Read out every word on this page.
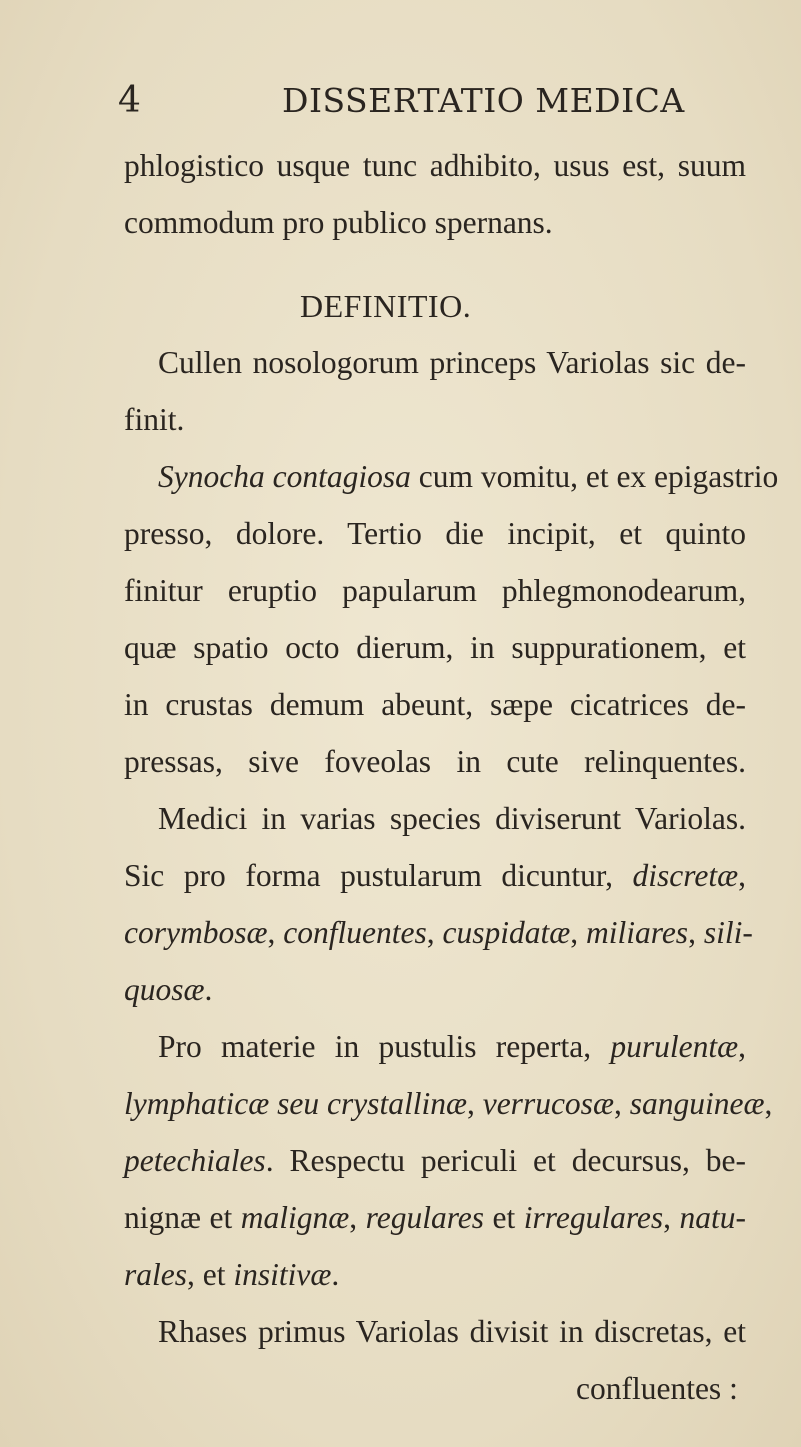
4	DISSERTATIO MEDICA
phlogistico usque tunc adhibito, usus est, suum
commodum pro publico spernans.
DEFINITIO.
Cullen nosologorum princeps Variolas sic de-
finit.
Synocha contagiosa cum vomitu, et ex epigastrio
presso, dolore. Tertio die incipit, et quinto
finitur eruptio papularum phlegmonodearum,
quæ spatio octo dierum, in suppurationem, et
in crustas demum abeunt, sæpe cicatrices de-
pressas, sive foveolas in cute relinquentes.
Medici in varias species diviserunt Variolas.
Sic pro forma pustularum dicuntur, discretæ,
corymbosæ, confluentes, cuspidatæ, miliares, sili-
quosæ.
Pro materie in pustulis reperta, purulentæ,
lymphaticæ seu crystallinæ, verrucosæ, sanguineæ,
petechiales. Respectu periculi et decursus, be-
nignæ et malignæ, regulares et irregulares, natu-
rales, et insitivæ.
Rhases primus Variolas divisit in discretas, et
confluentes :
